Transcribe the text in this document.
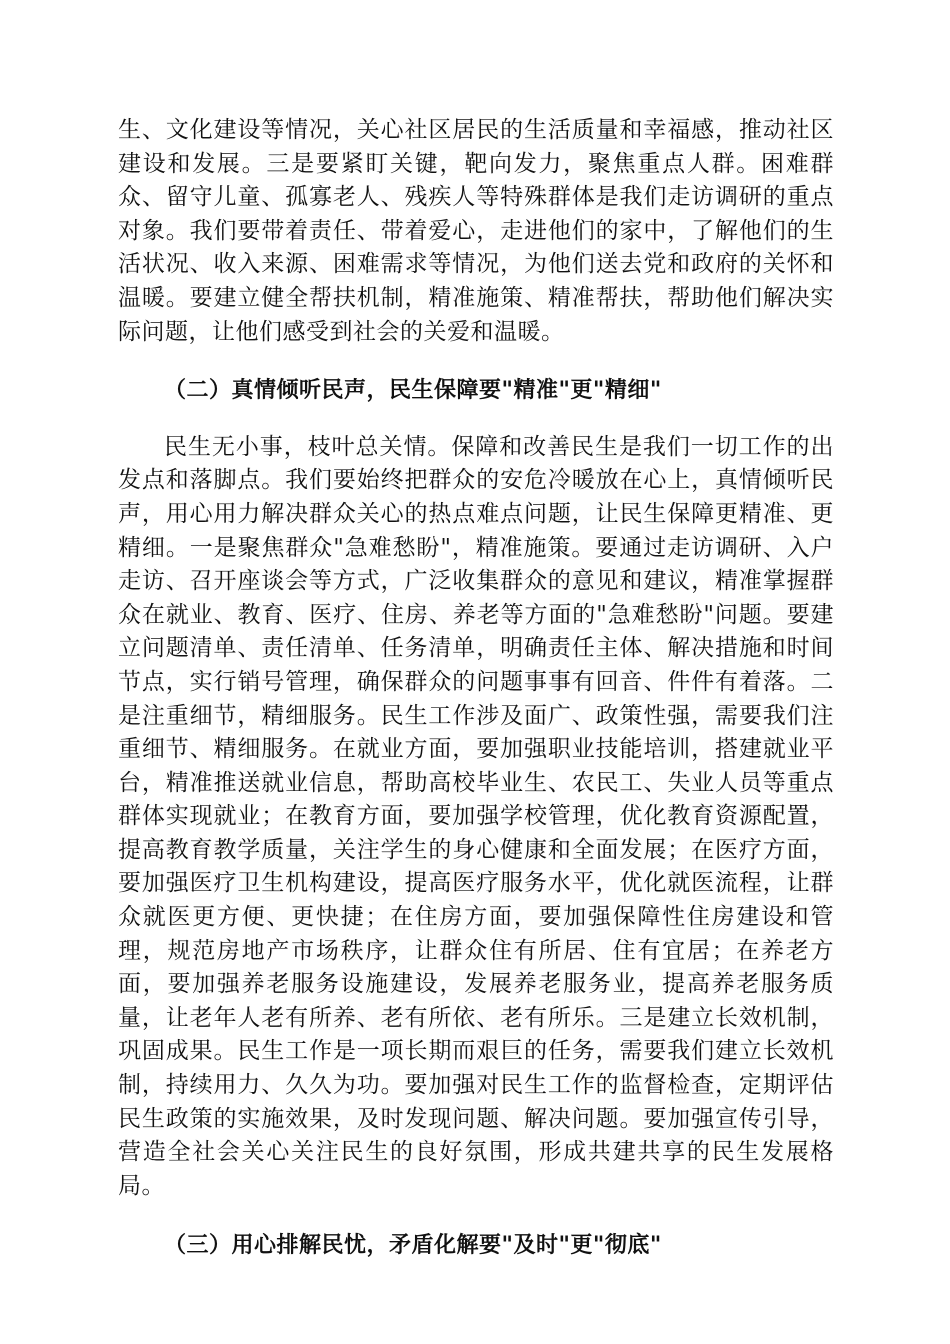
生、文化建设等情况，关心社区居民的生活质量和幸福感，推动社区建设和发展。三是要紧盯关键，靶向发力，聚焦重点人群。困难群众、留守儿童、孤寡老人、残疾人等特殊群体是我们走访调研的重点对象。我们要带着责任、带着爱心，走进他们的家中，了解他们的生活状况、收入来源、困难需求等情况，为他们送去党和政府的关怀和温暖。要建立健全帮扶机制，精准施策、精准帮扶，帮助他们解决实际问题，让他们感受到社会的关爱和温暖。

（二）真情倾听民声，民生保障要"精准"更"精细"

民生无小事，枝叶总关情。保障和改善民生是我们一切工作的出发点和落脚点。我们要始终把群众的安危冷暖放在心上，真情倾听民声，用心用力解决群众关心的热点难点问题，让民生保障更精准、更精细。一是聚焦群众"急难愁盼"，精准施策。要通过走访调研、入户走访、召开座谈会等方式，广泛收集群众的意见和建议，精准掌握群众在就业、教育、医疗、住房、养老等方面的"急难愁盼"问题。要建立问题清单、责任清单、任务清单，明确责任主体、解决措施和时间节点，实行销号管理，确保群众的问题事事有回音、件件有着落。二是注重细节，精细服务。民生工作涉及面广、政策性强，需要我们注重细节、精细服务。在就业方面，要加强职业技能培训，搭建就业平台，精准推送就业信息，帮助高校毕业生、农民工、失业人员等重点群体实现就业；在教育方面，要加强学校管理，优化教育资源配置，提高教育教学质量，关注学生的身心健康和全面发展；在医疗方面，要加强医疗卫生机构建设，提高医疗服务水平，优化就医流程，让群众就医更方便、更快捷；在住房方面，要加强保障性住房建设和管理，规范房地产市场秩序，让群众住有所居、住有宜居；在养老方面，要加强养老服务设施建设，发展养老服务业，提高养老服务质量，让老年人老有所养、老有所依、老有所乐。三是建立长效机制，巩固成果。民生工作是一项长期而艰巨的任务，需要我们建立长效机制，持续用力、久久为功。要加强对民生工作的监督检查，定期评估民生政策的实施效果，及时发现问题、解决问题。要加强宣传引导，营造全社会关心关注民生的良好氛围，形成共建共享的民生发展格局。

（三）用心排解民忧，矛盾化解要"及时"更"彻底"
